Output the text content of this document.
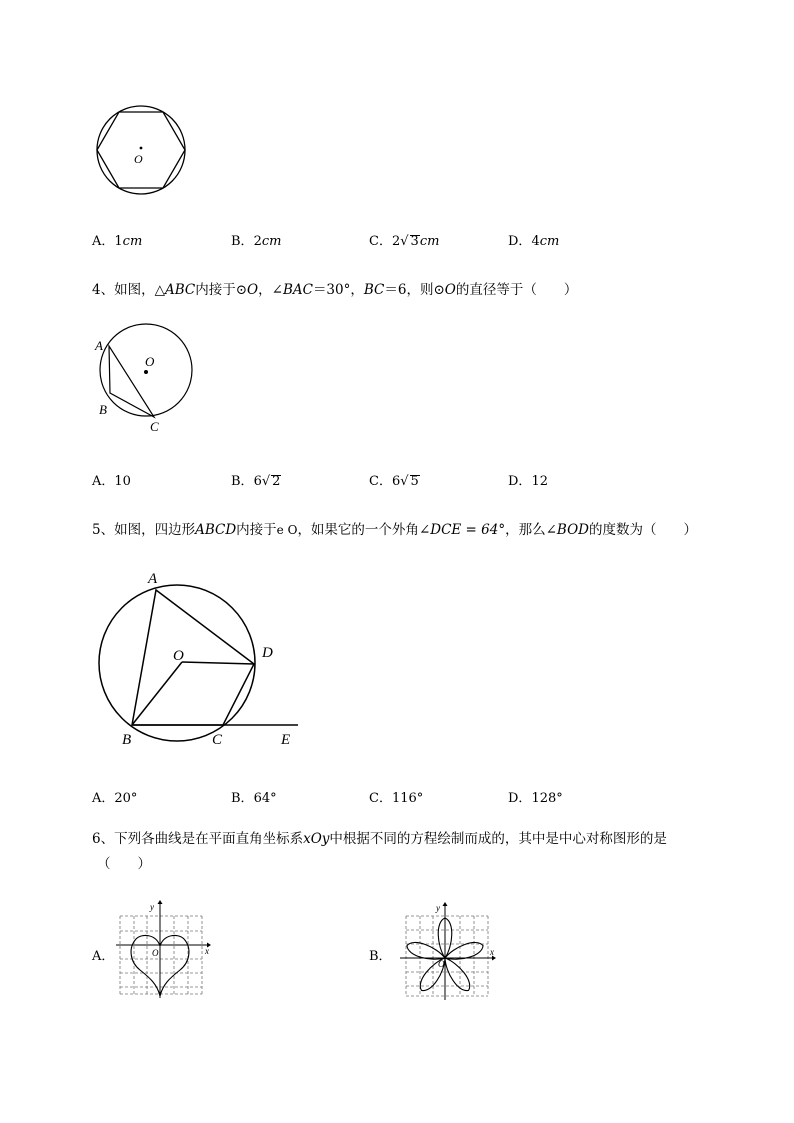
O
A．1cm	B．2cm	C．2√ 3cm	D．4cm
4、如图，△ABC内接于⊙O，∠BAC＝30°，BC＝6，则⊙O的直径等于（　　）
A
B
C
O
A．10	B．6√ 2	C．6√ 5	D．12
5、如图，四边形ABCD内接于e O，如果它的一个外角∠DCE = 64°，那么∠BOD的度数为（　　）
A
O	D
B	C	E
A．20°	B．64°	C．116°	D．128°
6、下列各曲线是在平面直角坐标系xOy中根据不同的方程绘制而成的，其中是中心对称图形的是
（　　）
A．
y
x
O	B．
y
x
O
